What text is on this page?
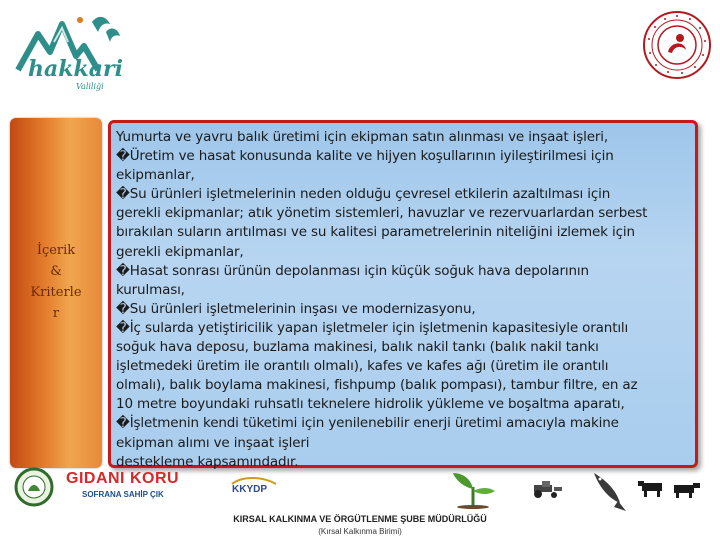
hakkari
Valiliği
İçerik
&
Kriterle
r
Yumurta ve yavru balık üretimi için ekipman satın alınması ve inşaat işleri,
�Üretim ve hasat konusunda kalite ve hijyen koşullarının iyileştirilmesi için
ekipmanlar,
�Su ürünleri işletmelerinin neden olduğu çevresel etkilerin azaltılması için
gerekli ekipmanlar; atık yönetim sistemleri, havuzlar ve rezervuarlardan serbest
bırakılan suların arıtılması ve su kalitesi parametrelerinin niteliğini izlemek için
gerekli ekipmanlar,
�Hasat sonrası ürünün depolanması için küçük soğuk hava depolarının
kurulması,
�Su ürünleri işletmelerinin inşası ve modernizasyonu,
�İç sularda yetiştiricilik yapan işletmeler için işletmenin kapasitesiyle orantılı
soğuk hava deposu, buzlama makinesi, balık nakil tankı (balık nakil tankı
işletmedeki üretim ile orantılı olmalı), kafes ve kafes ağı (üretim ile orantılı
olmalı), balık boylama makinesi, fishpump (balık pompası), tambur filtre, en az
10 metre boyundaki ruhsatlı teknelere hidrolik yükleme ve boşaltma aparatı,
�İşletmenin kendi tüketimi için yenilenebilir enerji üretimi amacıyla makine
ekipman alımı ve inşaat işleri
destekleme kapsamındadır.
GIDANI KORU
SOFRANA SAHİP ÇIK	KKYDP
KIRSAL KALKINMA VE ÖRGÜTLENME ŞUBE MÜDÜRLÜĞÜ
(Kırsal Kalkınma Birimi)
